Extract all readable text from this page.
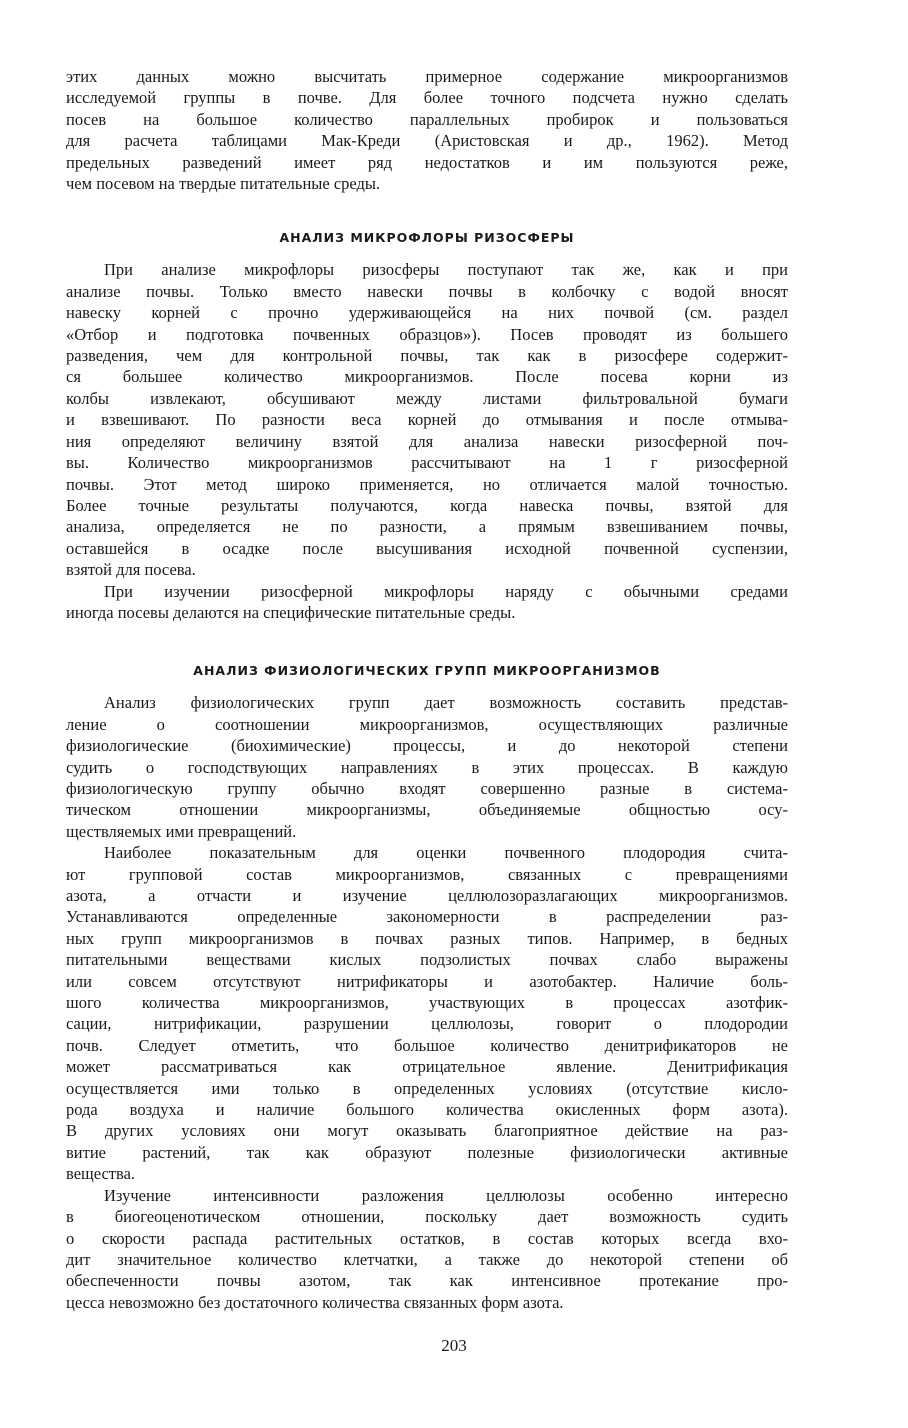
этих данных можно высчитать примерное содержание микроорганизмов
исследуемой группы в почве. Для более точного подсчета нужно сделать
посев на большое количество параллельных пробирок и пользоваться
для расчета таблицами Мак-Креди (Аристовская и др., 1962). Метод
предельных разведений имеет ряд недостатков и им пользуются реже,
чем посевом на твердые питательные среды.
АНАЛИЗ МИКРОФЛОРЫ РИЗОСФЕРЫ
При анализе микрофлоры ризосферы поступают так же, как и при
анализе почвы. Только вместо навески почвы в колбочку с водой вносят
навеску корней с прочно удерживающейся на них почвой (см. раздел
«Отбор и подготовка почвенных образцов»). Посев проводят из большего
разведения, чем для контрольной почвы, так как в ризосфере содержит-
ся большее количество микроорганизмов. После посева корни из
колбы извлекают, обсушивают между листами фильтровальной бумаги
и взвешивают. По разности веса корней до отмывания и после отмыва-
ния определяют величину взятой для анализа навески ризосферной поч-
вы. Количество микроорганизмов рассчитывают на 1 г ризосферной
почвы. Этот метод широко применяется, но отличается малой точностью.
Более точные результаты получаются, когда навеска почвы, взятой для
анализа, определяется не по разности, а прямым взвешиванием почвы,
оставшейся в осадке после высушивания исходной почвенной суспензии,
взятой для посева.
При изучении ризосферной микрофлоры наряду с обычными средами
иногда посевы делаются на специфические питательные среды.
АНАЛИЗ ФИЗИОЛОГИЧЕСКИХ ГРУПП МИКРООРГАНИЗМОВ
Анализ физиологических групп дает возможность составить представ-
ление о соотношении микроорганизмов, осуществляющих различные
физиологические (биохимические) процессы, и до некоторой степени
судить о господствующих направлениях в этих процессах. В каждую
физиологическую группу обычно входят совершенно разные в система-
тическом отношении микроорганизмы, объединяемые общностью осу-
ществляемых ими превращений.
Наиболее показательным для оценки почвенного плодородия счита-
ют групповой состав микроорганизмов, связанных с превращениями
азота, а отчасти и изучение целлюлозоразлагающих микроорганизмов.
Устанавливаются определенные закономерности в распределении раз-
ных групп микроорганизмов в почвах разных типов. Например, в бедных
питательными веществами кислых подзолистых почвах слабо выражены
или совсем отсутствуют нитрификаторы и азотобактер. Наличие боль-
шого количества микроорганизмов, участвующих в процессах азотфик-
сации, нитрификации, разрушении целлюлозы, говорит о плодородии
почв. Следует отметить, что большое количество денитрификаторов не
может рассматриваться как отрицательное явление. Денитрификация
осуществляется ими только в определенных условиях (отсутствие кисло-
рода воздуха и наличие большого количества окисленных форм азота).
В других условиях они могут оказывать благоприятное действие на раз-
витие растений, так как образуют полезные физиологически активные
вещества.
Изучение интенсивности разложения целлюлозы особенно интересно
в биогеоценотическом отношении, поскольку дает возможность судить
о скорости распада растительных остатков, в состав которых всегда вхо-
дит значительное количество клетчатки, а также до некоторой степени об
обеспеченности почвы азотом, так как интенсивное протекание про-
цесса невозможно без достаточного количества связанных форм азота.
203
